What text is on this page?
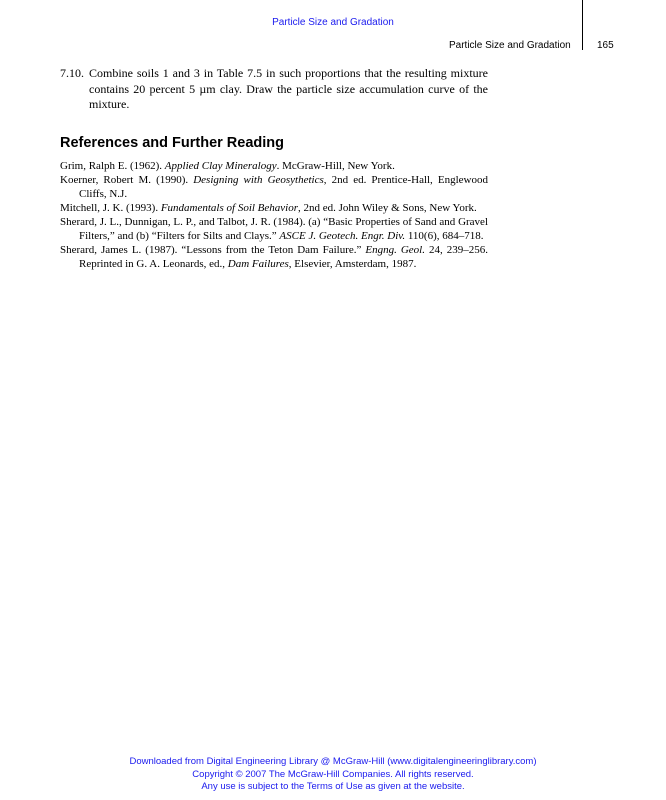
Particle Size and Gradation
Particle Size and Gradation	165
7.10. Combine soils 1 and 3 in Table 7.5 in such proportions that the resulting mixture contains 20 percent 5 µm clay. Draw the particle size accumulation curve of the mixture.
References and Further Reading

Grim, Ralph E. (1962). Applied Clay Mineralogy. McGraw-Hill, New York.

Koerner, Robert M. (1990). Designing with Geosythetics, 2nd ed. Prentice-Hall, Englewood Cliffs, N.J.

Mitchell, J. K. (1993). Fundamentals of Soil Behavior, 2nd ed. John Wiley & Sons, New York.

Sherard, J. L., Dunnigan, L. P., and Talbot, J. R. (1984). (a) “Basic Properties of Sand and Gravel Filters,” and (b) “Filters for Silts and Clays.” ASCE J. Geotech. Engr. Div. 110(6), 684–718.

Sherard, James L. (1987). “Lessons from the Teton Dam Failure.” Engng. Geol. 24, 239–256. Reprinted in G. A. Leonards, ed., Dam Failures, Elsevier, Amsterdam, 1987.

Downloaded from Digital Engineering Library @ McGraw-Hill (www.digitalengineeringlibrary.com)
Copyright © 2007 The McGraw-Hill Companies. All rights reserved.
Any use is subject to the Terms of Use as given at the website.
